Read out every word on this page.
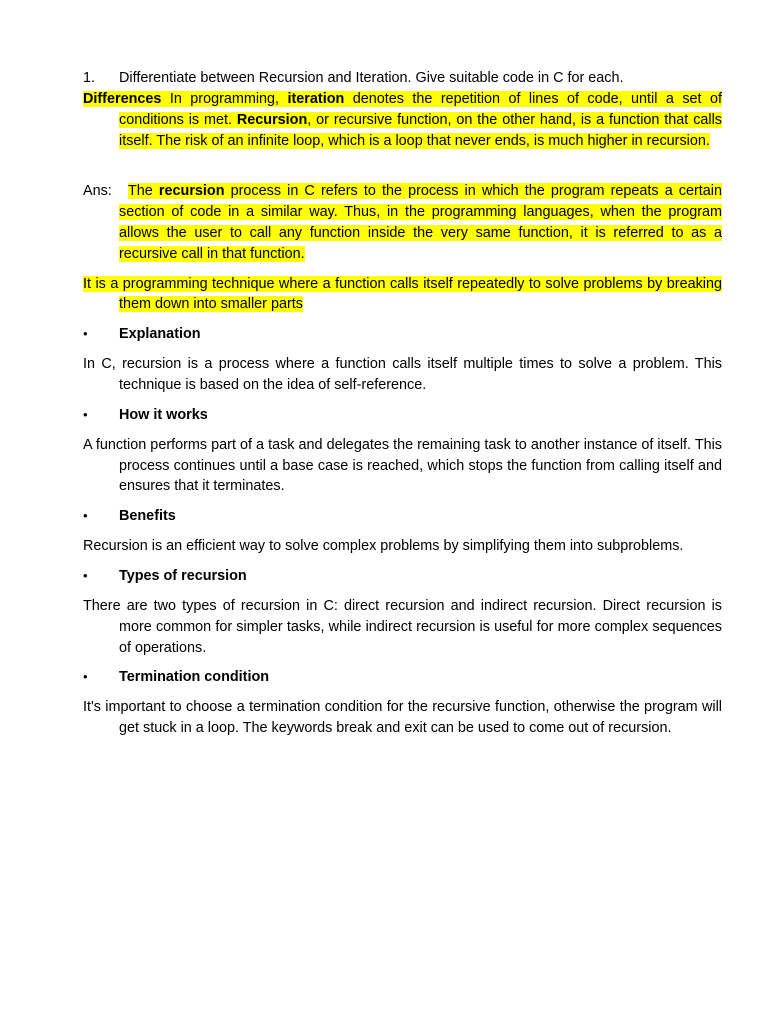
1.	Differentiate between Recursion and Iteration. Give suitable code in C for each.

Differences In programming, iteration denotes the repetition of lines of code, until a set of conditions is met. Recursion, or recursive function, on the other hand, is a function that calls itself. The risk of an infinite loop, which is a loop that never ends, is much higher in recursion.

Ans: The recursion process in C refers to the process in which the program repeats a certain section of code in a similar way. Thus, in the programming languages, when the program allows the user to call any function inside the very same function, it is referred to as a recursive call in that function.

It is a programming technique where a function calls itself repeatedly to solve problems by breaking them down into smaller parts

•	Explanation

In C, recursion is a process where a function calls itself multiple times to solve a problem. This technique is based on the idea of self-reference.

•	How it works

A function performs part of a task and delegates the remaining task to another instance of itself. This process continues until a base case is reached, which stops the function from calling itself and ensures that it terminates.

•	Benefits

Recursion is an efficient way to solve complex problems by simplifying them into subproblems.

•	Types of recursion

There are two types of recursion in C: direct recursion and indirect recursion. Direct recursion is more common for simpler tasks, while indirect recursion is useful for more complex sequences of operations.

•	Termination condition

It's important to choose a termination condition for the recursive function, otherwise the program will get stuck in a loop. The keywords break and exit can be used to come out of recursion.
